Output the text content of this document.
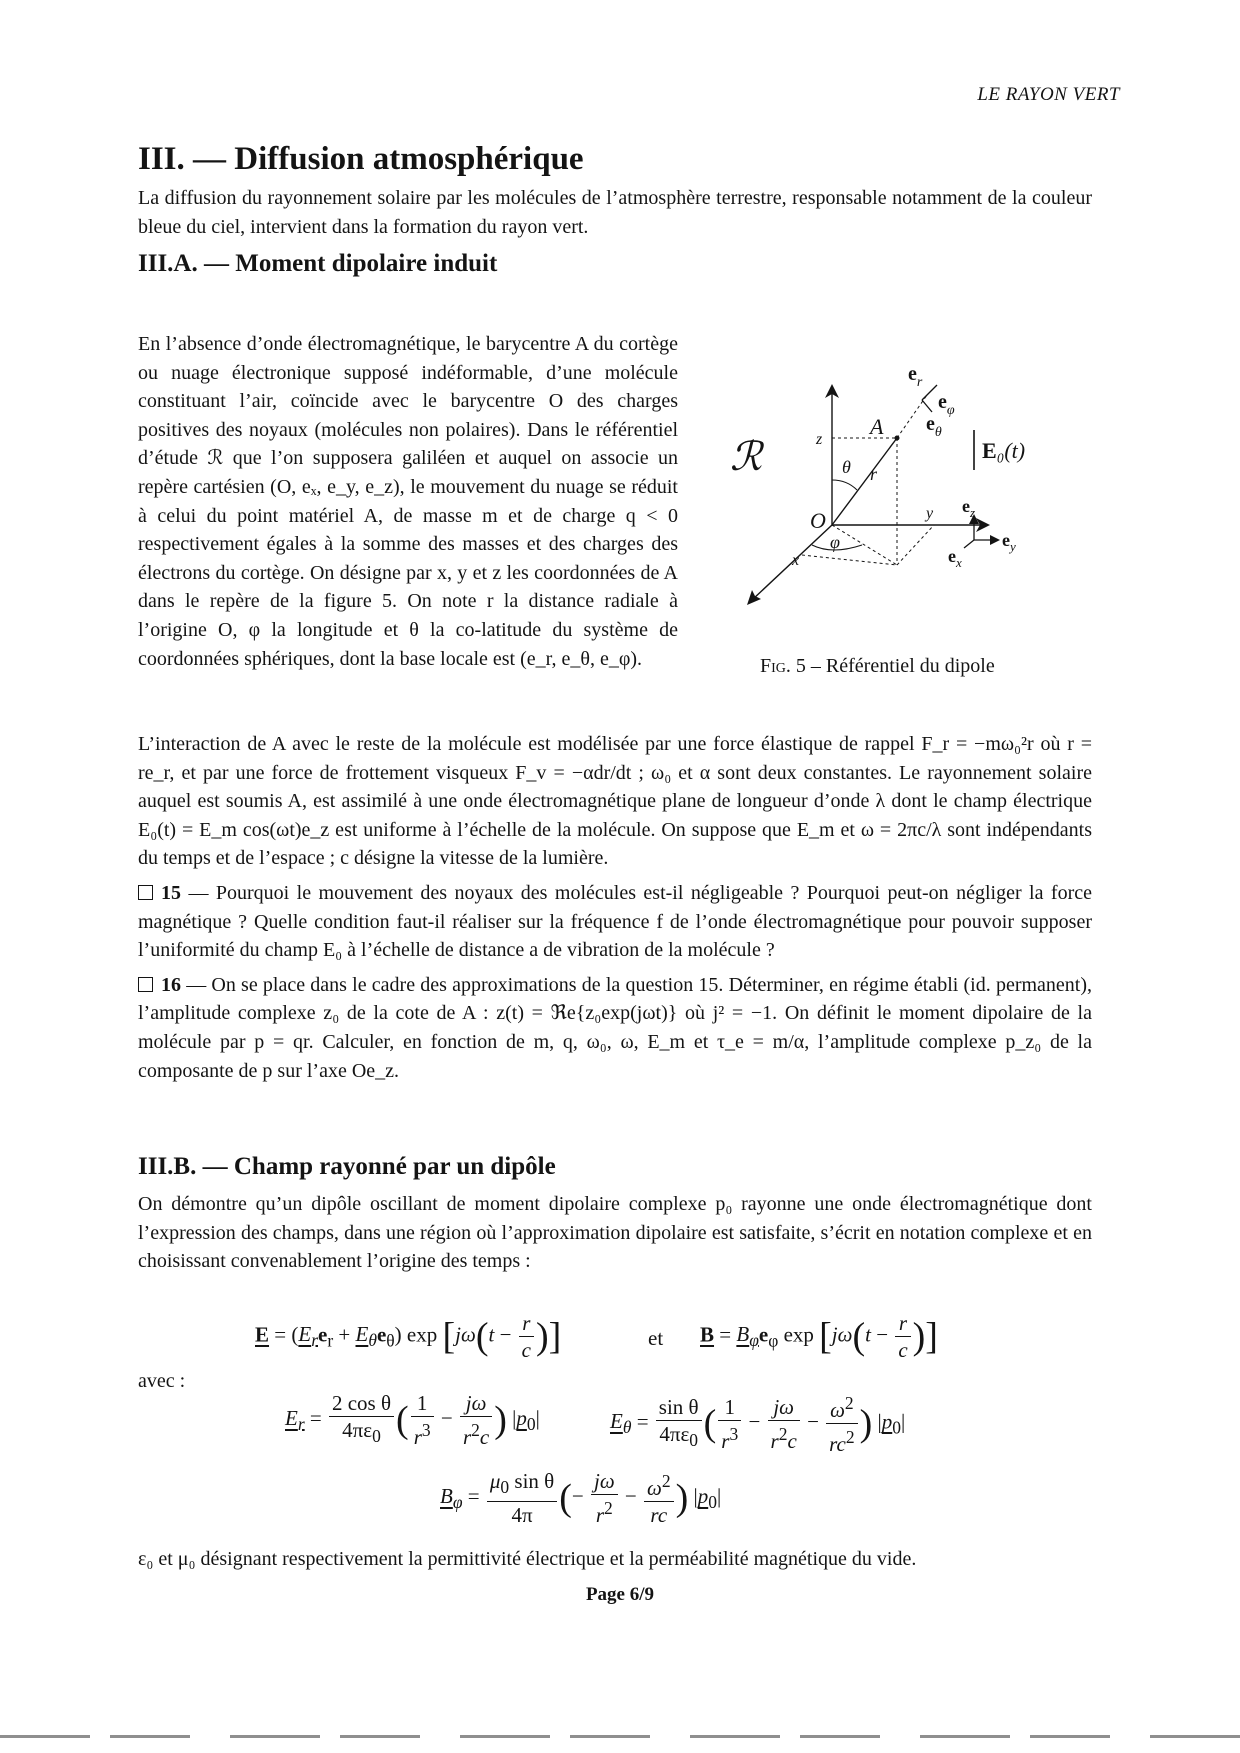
LE RAYON VERT
III. — Diffusion atmosphérique

La diffusion du rayonnement solaire par les molécules de l’atmosphère terrestre, responsable notamment de la couleur bleue du ciel, intervient dans la formation du rayon vert.

III.A. — Moment dipolaire induit

En l’absence d’onde électromagnétique, le barycentre A du cortège ou nuage électronique supposé indéformable, d’une molécule constituant l’air, coïncide avec le barycentre O des charges positives des noyaux (molécules non polaires). Dans le référentiel d’étude ℛ que l’on supposera galiléen et auquel on associe un repère cartésien (O, eₓ, e_y, e_z), le mouvement du nuage se réduit à celui du point matériel A, de masse m et de charge q < 0 respectivement égales à la somme des masses et des charges des électrons du cortège. On désigne par x, y et z les coordonnées de A dans le repère de la figure 5. On note r la distance radiale à l’origine O, φ la longitude et θ la co-latitude du système de coordonnées sphériques, dont la base locale est (e_r, e_θ, e_φ).

ℛ
O
A
z
y
x
θ r
φ
$e_r$
$e_\varphi$
$e_\theta$
E₀(t)
$e_z$
$e_y$
$e_x$
Fig. 5 – Référentiel du dipole

L’interaction de A avec le reste de la molécule est modélisée par une force élastique de rappel F_r = −mω₀²r où r = re_r, et par une force de frottement visqueux F_v = −αdr/dt ; ω₀ et α sont deux constantes. Le rayonnement solaire auquel est soumis A, est assimilé à une onde électromagnétique plane de longueur d’onde λ dont le champ électrique E₀(t) = E_m cos(ωt)e_z est uniforme à l’échelle de la molécule. On suppose que E_m et ω = 2πc/λ sont indépendants du temps et de l’espace ; c désigne la vitesse de la lumière.

15 — Pourquoi le mouvement des noyaux des molécules est-il négligeable ? Pourquoi peut-on négliger la force magnétique ? Quelle condition faut-il réaliser sur la fréquence f de l’onde électromagnétique pour pouvoir supposer l’uniformité du champ E₀ à l’échelle de distance a de vibration de la molécule ?

16 — On se place dans le cadre des approximations de la question 15. Déterminer, en régime établi (id. permanent), l’amplitude complexe z₀ de la cote de A : z(t) = ℜe{z₀exp(jωt)} où j² = −1. On définit le moment dipolaire de la molécule par p = qr. Calculer, en fonction de m, q, ω₀, ω, E_m et τ_e = m/α, l’amplitude complexe p_z₀ de la composante de p sur l’axe Oe_z.

III.B. — Champ rayonné par un dipôle

On démontre qu’un dipôle oscillant de moment dipolaire complexe p₀ rayonne une onde électromagnétique dont l’expression des champs, dans une région où l’approximation dipolaire est satisfaite, s’écrit en notation complexe et en choisissant convenablement l’origine des temps :

$E = (E_re_r + E_\theta e_\theta)$ $\exp [j\omega(t - \frac{r}{c}$ )]	et $B = B_\varphi e_\varphi$ $\exp [j\omega(t - \frac{r}{c}$ )]
avec :
$E_r = \frac{\text{2 cos θ}}{4\pi\varepsilon_0}$ ( $\frac{1}{r^3} - \frac{j\omega}{r^2c}$ ) $|p_0|$	$E_\theta = \frac{\text{sin θ}}{4\pi\varepsilon_0}$ ( $\frac{1}{r^3} - \frac{j\omega}{r^2c} - \frac{\omega^2}{rc^2}$ ) $|p_0|$
$B_\varphi = \frac{\mu_0 \sin \theta}{4\pi}$ (− $\frac{j\omega}{r^2} - \frac{\omega^2}{rc}$ ) $|p_0|$

ε₀ et μ₀ désignant respectivement la permittivité électrique et la perméabilité magnétique du vide.

Page 6/9
